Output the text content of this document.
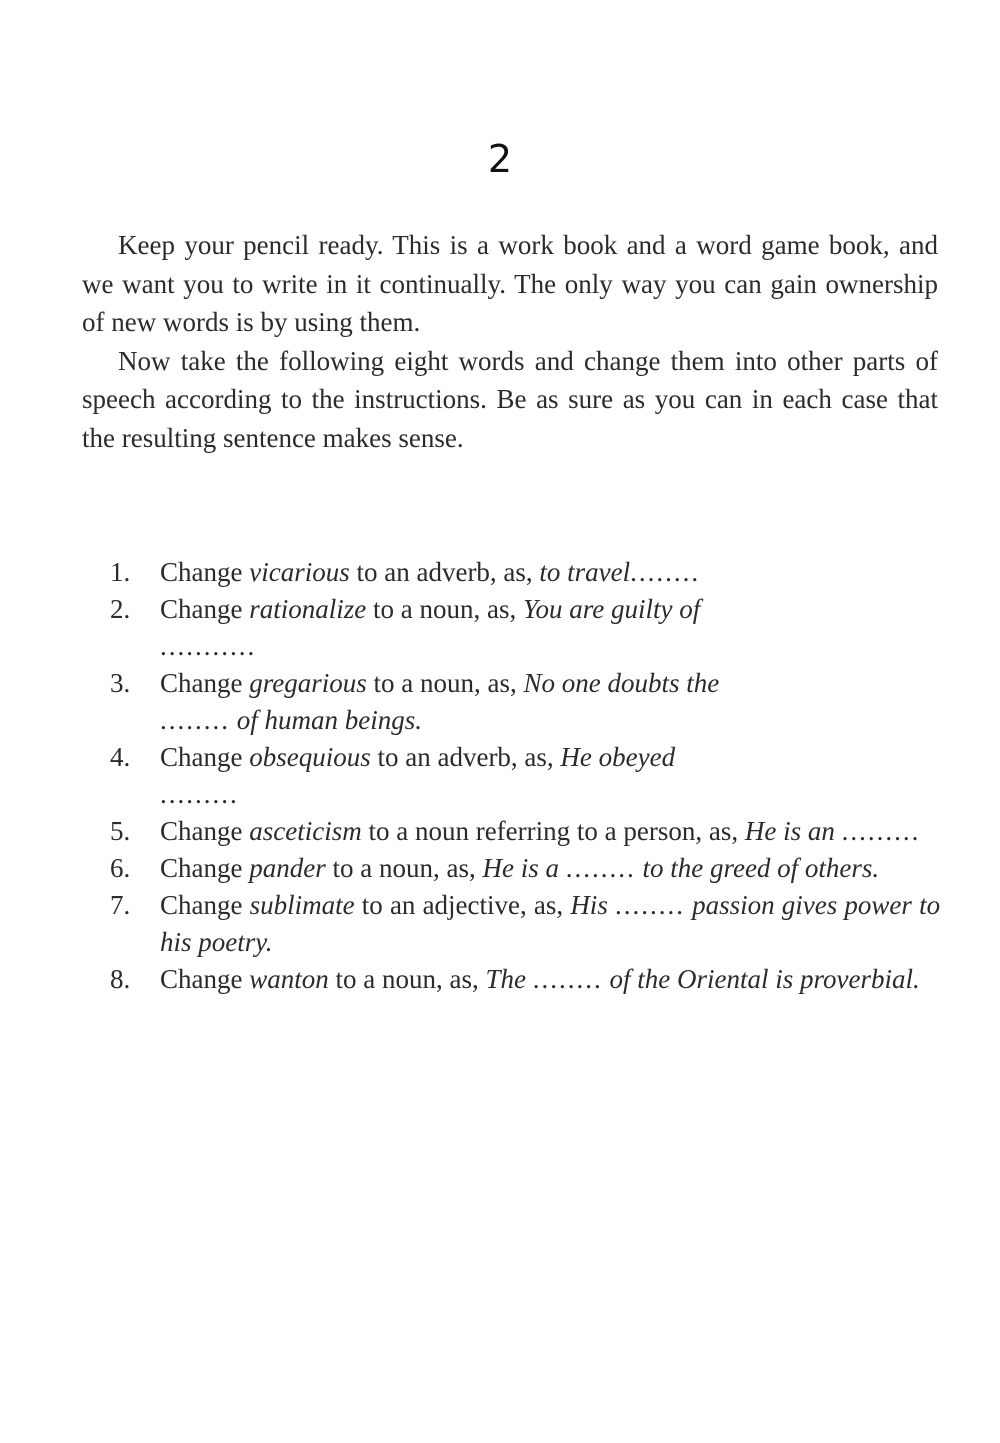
2

Keep your pencil ready. This is a work book and a word game book, and we want you to write in it continually. The only way you can gain ownership of new words is by using them.

Now take the following eight words and change them into other parts of speech according to the instructions. Be as sure as you can in each case that the resulting sentence makes sense.

1.	Change vicarious to an adverb, as, to travel........
2.	Change rationalize to a noun, as, You are guilty of
...........
3.	Change gregarious to a noun, as, No one doubts the
........ of human beings.
4.	Change obsequious to an adverb, as, He obeyed
.........
5.	Change asceticism to a noun referring to a person, as, He is an .........
6.	Change pander to a noun, as, He is a ........ to the greed of others.
7.	Change sublimate to an adjective, as, His ........ passion gives power to his poetry.
8.	Change wanton to a noun, as, The ........ of the Oriental is proverbial.
